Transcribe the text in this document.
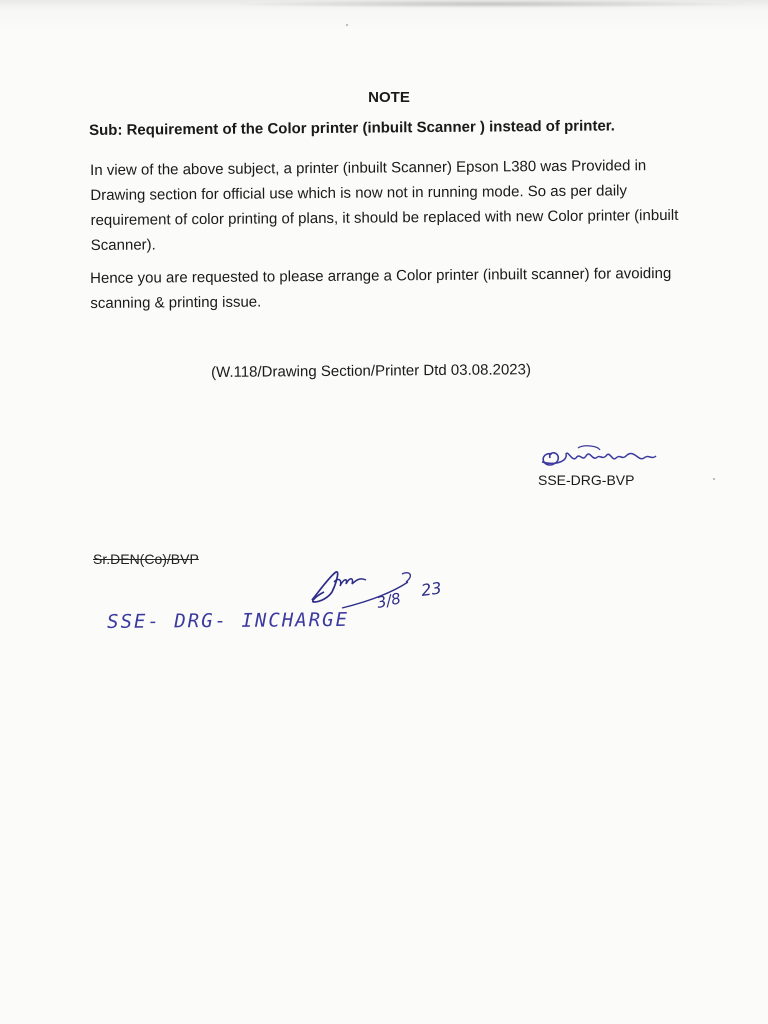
NOTE
Sub: Requirement of the Color printer (inbuilt Scanner ) instead of printer.
In view of the above subject, a printer (inbuilt Scanner) Epson L380 was Provided in Drawing section for official use which is now not in running mode. So as per daily requirement of color printing of plans, it should be replaced with new Color printer (inbuilt Scanner).
Hence you are requested to please arrange a Color printer (inbuilt scanner) for avoiding scanning & printing issue.
(W.118/Drawing Section/Printer Dtd 03.08.2023)
SSE-DRG-BVP
Sr.DEN(Co)/BVP
3/8
23
SSE- DRG- INCHARGE
